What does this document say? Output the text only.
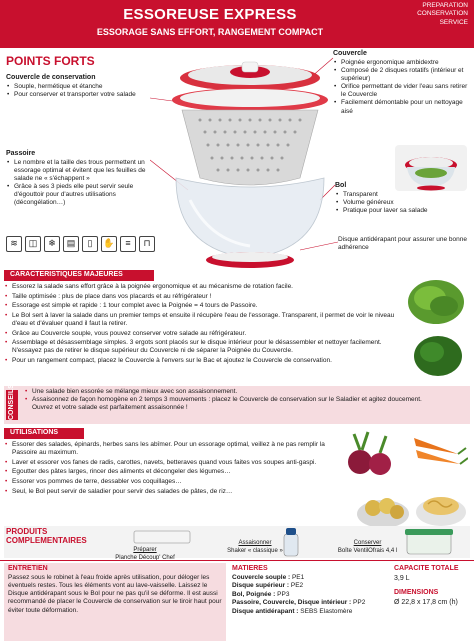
ESSOREUSE EXPRESS
ESSORAGE SANS EFFORT, RANGEMENT COMPACT
PREPARATION
CONSERVATION
SERVICE
POINTS FORTS
Couvercle de conservation
• Souple, hermétique et étanche
• Pour conserver et transporter votre salade
Passoire
• Le nombre et la taille des trous permettent un essorage optimal et évitent que les feuilles de salade ne « s'échappent »
• Grâce à ses 3 pieds elle peut servir seule d'égouttoir pour d'autres utilisations (décongélation…)
Couvercle
• Poignée ergonomique ambidextre
• Composé de 2 disques rotatifs (intérieur et supérieur)
• Orifice permettant de vider l'eau sans retirer le Couvercle
• Facilement démontable pour un nettoyage aisé
Bol
• Transparent
• Volume généreux
• Pratique pour laver sa salade
Disque antidérapant pour assurer une bonne adhérence
≋	◫	❄	▤	▯	✋	≡	⊓
CARACTERISTIQUES MAJEURES
• Essorez la salade sans effort grâce à la poignée ergonomique et au mécanisme de rotation facile.
• Taille optimisée : plus de place dans vos placards et au réfrigérateur !
• Essorage est simple et rapide : 1 tour complet avec la Poignée = 4 tours de Passoire.
• Le Bol sert à laver la salade dans un premier temps et ensuite il récupère l'eau de l'essorage. Transparent, il permet de voir le niveau d'eau et d'évaluer quand il faut la retirer.
• Grâce au Couvercle souple, vous pouvez conserver votre salade au réfrigérateur.
• Assemblage et désassemblage simples. 3 ergots sont placés sur le disque intérieur pour le désassembler et nettoyer facilement. N'essayez pas de retirer le disque supérieur du Couvercle ni de séparer la Poignée du Couvercle.
• Pour un rangement compact, placez le Couvercle à l'envers sur le Bac et ajoutez le Couvercle de conservation.
CONSEILS
•	Une salade bien essorée se mélange mieux avec son assaisonnement.
• Assaisonnez de façon homogène en 2 temps 3 mouvements : placez le Couvercle de conservation sur le Saladier et agitez doucement. Ouvrez et votre salade est parfaitement assaisonnée !
UTILISATIONS
• Essorer des salades, épinards, herbes sans les abîmer. Pour un essorage optimal, veillez à ne pas remplir la Passoire au maximum.
• Laver et essorer vos fanes de radis, carottes, navets, betteraves quand vous faites vos soupes anti-gaspi.
• Egoutter des pâtes larges, rincer des aliments et décongeler des légumes…
• Essorer vos pommes de terre, dessabler vos coquillages…
• Seul, le Bol peut servir de saladier pour servir des salades de pâtes, de riz…
PRODUITS COMPLEMENTAIRES
Préparer
Planche Découp' Chef
Assaisonner
Shaker « classique »
Conserver
Boîte VentilOfrais 4,4 l
ENTRETIEN
Passez sous le robinet à l'eau froide après utilisation, pour déloger les éventuels restes. Tous les éléments vont au lave-vaisselle. Laissez le Disque antidérapant sous le Bol pour ne pas qu'il se déforme. Il est aussi recommandé de placer le Couvercle de conservation sur le tiroir haut pour éviter toute déformation.
MATIERES
Couvercle souple : PE1
Disque supérieur : PE2
Bol, Poignée : PP3
Passoire, Couvercle, Disque intérieur : PP2
Disque antidérapant : SEBS Elastomère
CAPACITE TOTALE
3,9 L
DIMENSIONS
Ø 22,8 x 17,8 cm (h)
